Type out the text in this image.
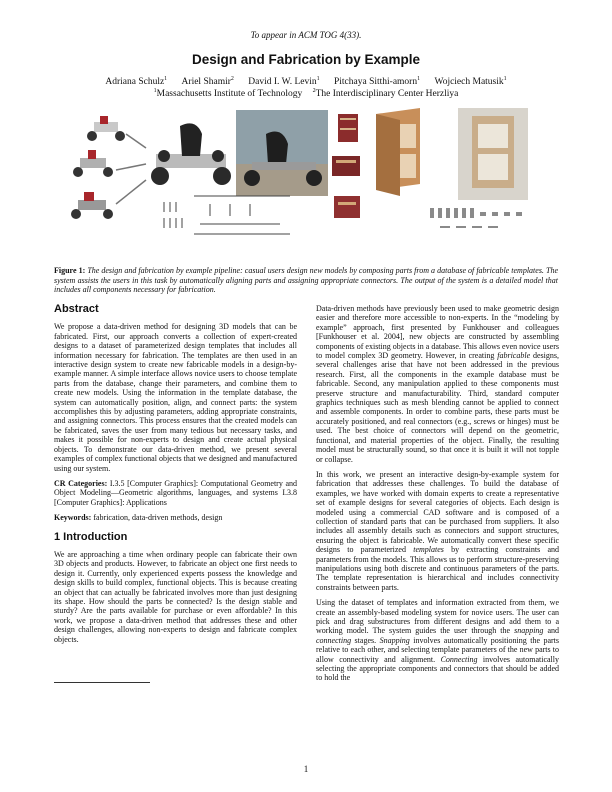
To appear in ACM TOG 4(33).
Design and Fabrication by Example
Adriana Schulz$^1$ Ariel Shamir$^2$ David I. W. Levin$^1$ Pitchaya Sitthi-amorn$^1$ Wojciech Matusik$^1$
$^1$Massachusetts Institute of Technology $^2$The Interdisciplinary Center Herzliya
Figure 1: The design and fabrication by example pipeline: casual users design new models by composing parts from a database of fabricable templates. The system assists the users in this task by automatically aligning parts and assigning appropriate connectors. The output of the system is a detailed model that includes all components necessary for fabrication.
Abstract

We propose a data-driven method for designing 3D models that can be fabricated. First, our approach converts a collection of expert-created designs to a dataset of parameterized design templates that includes all information necessary for fabrication. The templates are then used in an interactive design system to create new fabricable models in a design-by-example manner. A simple interface allows novice users to choose template parts from the database, change their parameters, and combine them to create new models. Using the information in the template database, the system can automatically position, align, and connect parts: the system accomplishes this by adjusting parameters, adding appropriate constraints, and assigning connectors. This process ensures that the created models can be fabricated, saves the user from many tedious but necessary tasks, and makes it possible for non-experts to design and create actual physical objects. To demonstrate our data-driven method, we present several examples of complex functional objects that we designed and manufactured using our system.

CR Categories: I.3.5 [Computer Graphics]: Computational Geometry and Object Modeling—Geometric algorithms, languages, and systems I.3.8 [Computer Graphics]: Applications

Keywords: fabrication, data-driven methods, design

1 Introduction

We are approaching a time when ordinary people can fabricate their own 3D objects and products. However, to fabricate an object one first needs to design it. Currently, only experienced experts possess the knowledge and design skills to build complex, functional objects. This is because creating an object that can actually be fabricated involves more than just designing its shape. How should the parts be connected? Is the design stable and sturdy? Are the parts available for purchase or even affordable? In this work, we propose a data-driven method that addresses these and other design challenges, allowing non-experts to design and fabricate complex objects.

Data-driven methods have previously been used to make geometric design easier and therefore more accessible to non-experts. In the “modeling by example” approach, first presented by Funkhouser and colleagues [Funkhouser et al. 2004], new objects are constructed by assembling components of existing objects in a database. This allows even novice users to model complex 3D geometry. However, in creating fabricable designs, several challenges arise that have not been addressed in the previous research. First, all the components in the example database must be fabricable. Second, any manipulation applied to these components must preserve structure and manufacturability. Third, standard computer graphics techniques such as mesh blending cannot be applied to connect and assemble components. In order to combine parts, these parts must be accurately positioned, and real connectors (e.g., screws or hinges) must be used. The best choice of connectors will depend on the geometric, functional, and material properties of the object. Finally, the resulting model must be structurally sound, so that once it is built it will not topple or collapse.

In this work, we present an interactive design-by-example system for fabrication that addresses these challenges. To build the database of examples, we have worked with domain experts to create a representative set of example designs for several categories of objects. Each design is modeled using a commercial CAD software and is composed of a collection of standard parts that can be purchased from suppliers. It also includes all assembly details such as connectors and support structures, ensuring the object is fabricable. We automatically convert these specific designs to parameterized templates by extracting constraints and parameters from the models. This allows us to perform structure-preserving manipulations using both discrete and continuous parameters of the parts. The template representation is hierarchical and includes connectivity constraints between parts.

Using the dataset of templates and information extracted from them, we create an assembly-based modeling system for novice users. The user can pick and drag substructures from different designs and add them to a working model. The system guides the user through the snapping and connecting stages. Snapping involves automatically positioning the parts relative to each other, and selecting template parameters of the new parts to allow connectivity and alignment. Connecting involves automatically selecting the appropriate components and connectors that should be added to hold the

1
